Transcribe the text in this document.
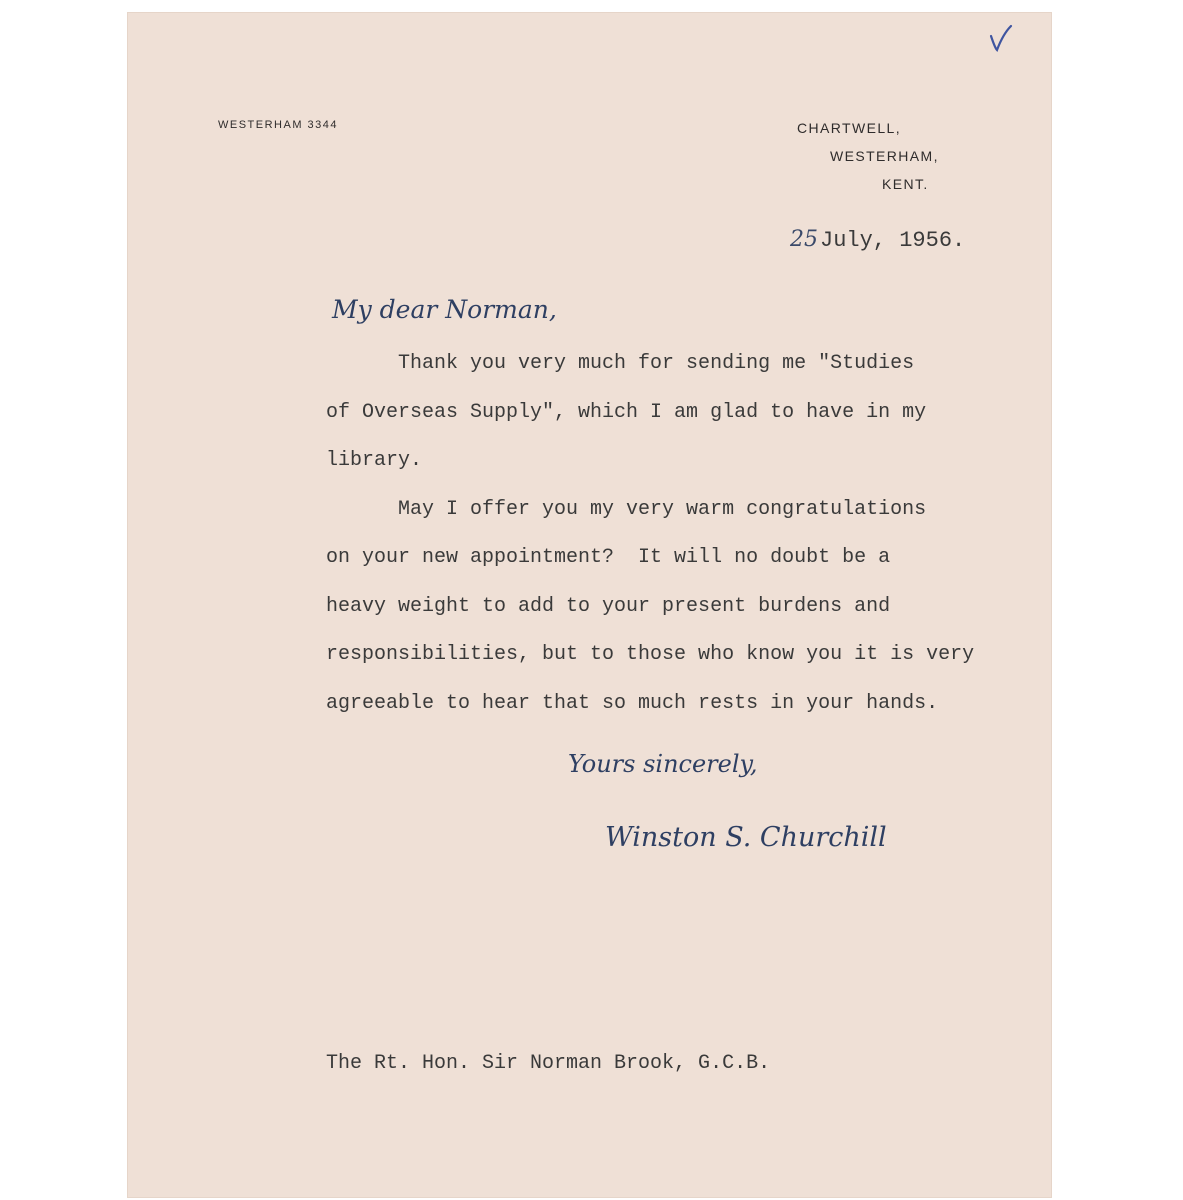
WESTERHAM 3344	CHARTWELL,
WESTERHAM,
KENT.
25July, 1956.
My dear Norman,
Thank you very much for sending me "Studies
of Overseas Supply", which I am glad to have in my
library.
May I offer you my very warm congratulations
on your new appointment?  It will no doubt be a
heavy weight to add to your present burdens and
responsibilities, but to those who know you it is very
agreeable to hear that so much rests in your hands.
Yours sincerely,
Winston S. Churchill
The Rt. Hon. Sir Norman Brook, G.C.B.
